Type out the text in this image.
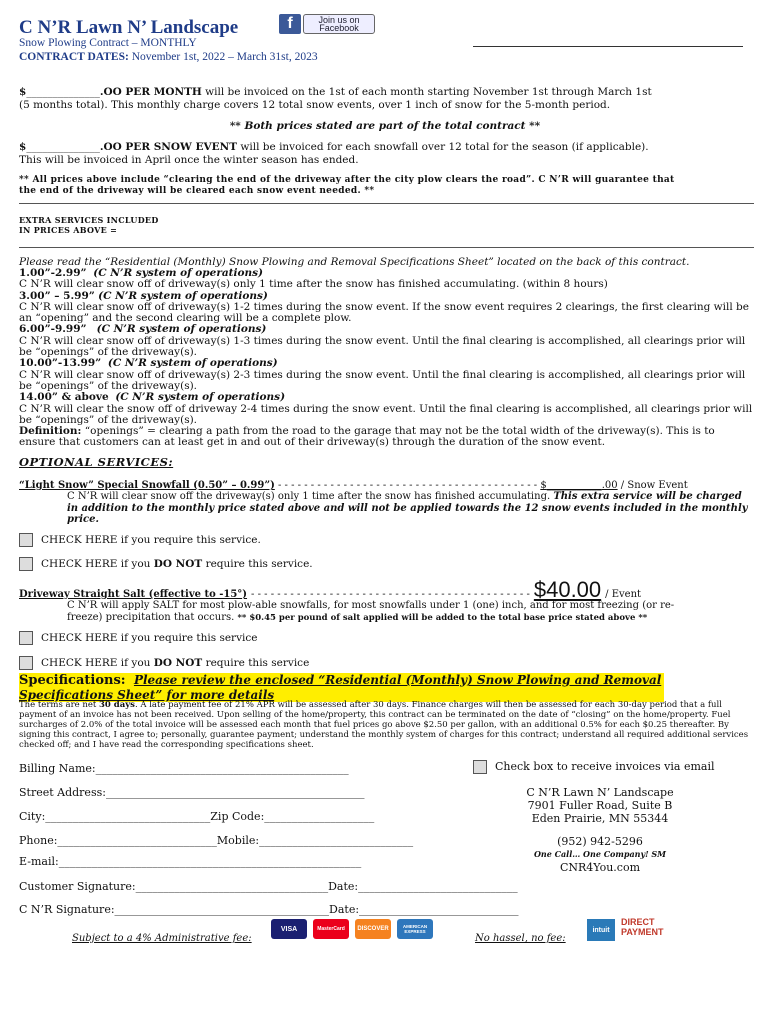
C N’R Lawn N’ Landscape	f	Join us on Facebook
Snow Plowing Contract – MONTHLY
CONTRACT DATES: November 1st, 2022 – March 31st, 2023
$______________.OO PER MONTH will be invoiced on the 1st of each month starting November 1st through March 1st
(5 months total). This monthly charge covers 12 total snow events, over 1 inch of snow for the 5-month period.
** Both prices stated are part of the total contract **
$______________.OO PER SNOW EVENT will be invoiced for each snowfall over 12 total for the season (if applicable).
This will be invoiced in April once the winter season has ended.
** All prices above include “clearing the end of the driveway after the city plow clears the road”. C N’R will guarantee that
the end of the driveway will be cleared each snow event needed. **
EXTRA SERVICES INCLUDED
IN PRICES ABOVE =
Please read the “Residential (Monthly) Snow Plowing and Removal Specifications Sheet” located on the back of this contract.
1.00”-2.99” (C N’R system of operations)
C N’R will clear snow off of driveway(s) only 1 time after the snow has finished accumulating. (within 8 hours)
3.00” – 5.99” (C N’R system of operations)
C N’R will clear snow off of driveway(s) 1-2 times during the snow event. If the snow event requires 2 clearings, the first clearing will be an “opening” and the second clearing will be a complete plow.
6.00”-9.99” (C N’R system of operations)
C N’R will clear snow off of driveway(s) 1-3 times during the snow event. Until the final clearing is accomplished, all clearings prior will be “openings” of the driveway(s).
10.00”-13.99” (C N’R system of operations)
C N’R will clear snow off of driveway(s) 2-3 times during the snow event. Until the final clearing is accomplished, all clearings prior will be “openings” of the driveway(s).
14.00” & above (C N’R system of operations)
C N’R will clear the snow off of driveway 2-4 times during the snow event. Until the final clearing is accomplished, all clearings prior will be “openings” of the driveway(s).
Definition: “openings” = clearing a path from the road to the garage that may not be the total width of the driveway(s). This is to ensure that customers can at least get in and out of their driveway(s) through the duration of the snow event.
OPTIONAL SERVICES:
“Light Snow” Special Snowfall (0.50” – 0.99”) - - - - - - - - - - - - - - - - - - - - - - - - - - - - - - - - - - - - - - - - $___________.00 / Snow Event
C N’R will clear snow off the driveway(s) only 1 time after the snow has finished accumulating. This extra service will be charged in addition to the monthly price stated above and will not be applied towards the 12 snow events included in the monthly price.
CHECK HERE if you require this service.
CHECK HERE if you DO NOT require this service.
Driveway Straight Salt (effective to -15°) - - - - - - - - - - - - - - - - - - - - - - - - - - - - - - - - - - - - - - - - - - - $40.00 / Event
C N’R will apply SALT for most plow-able snowfalls, for most snowfalls under 1 (one) inch, and for most freezing (or re-
freeze) precipitation that occurs. ** $0.45 per pound of salt applied will be added to the total base price stated above **
CHECK HERE if you require this service
CHECK HERE if you DO NOT require this service
Specifications: Please review the enclosed “Residential (Monthly) Snow Plowing and Removal
Specifications Sheet” for more details
The terms are net 30 days. A late payment fee of 21% APR will be assessed after 30 days. Finance charges will then be assessed for each 30-day period that a full payment of an invoice has not been received. Upon selling of the home/property, this contract can be terminated on the date of “closing” on the home/property. Fuel surcharges of 2.0% of the total invoice will be assessed each month that fuel prices go above $2.50 per gallon, with an additional 0.5% for each $0.25 thereafter. By signing this contract, I agree to; personally, guarantee payment; understand the monthly system of charges for this contract; understand all required additional services checked off; and I have read the corresponding specifications sheet.
Billing Name:______________________________________________	Check box to receive invoices via email
Street Address:_______________________________________________
City:______________________________Zip Code:____________________
Phone:_____________________________Mobile:____________________________
E-mail:_______________________________________________________
Customer Signature:___________________________________Date:_____________________________
C N’R Signature:_______________________________________Date:_____________________________
C N’R Lawn N’ Landscape
7901 Fuller Road, Suite B
Eden Prairie, MN 55344
(952) 942-5296
One Call… One Company! SM
CNR4You.com
Subject to a 4% Administrative fee:
VISA	MasterCard	DISCOVER	AMERICAN EXPRESS
No hassel, no fee:
intuit
DIRECT PAYMENT
